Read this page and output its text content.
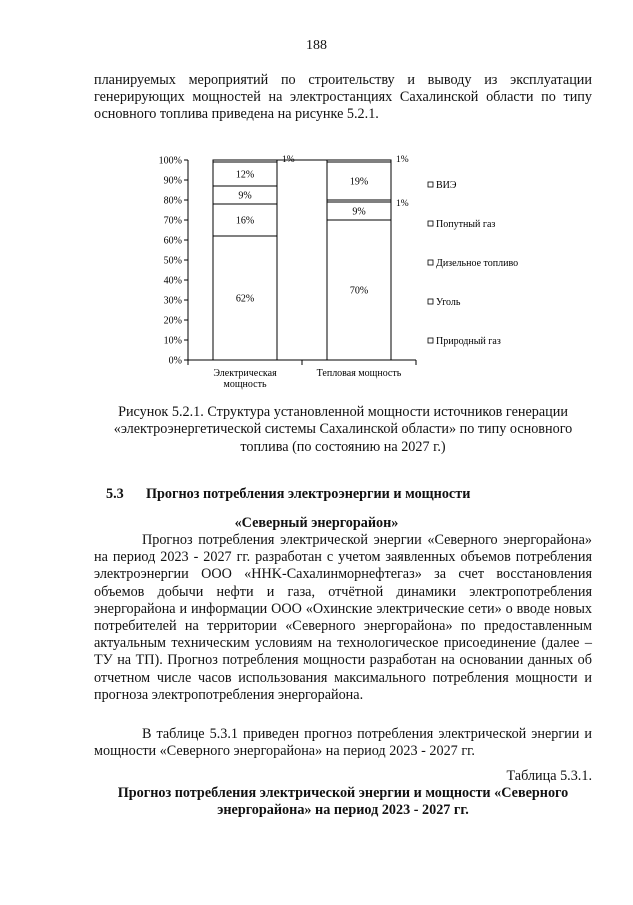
188

планируемых мероприятий по строительству и выводу из эксплуатации генерирующих мощностей на электростанциях Сахалинской области по типу основного топлива приведена на рисунке 5.2.1.

0%
10%
20%
30%
40%
50%
60%
70%
80%
90%
100%
62%
16%
9%
12%
1%
70%
9%
1%
19%
1%
Электрическая
мощность
Тепловая мощность
ВИЭ
Попутный газ
Дизельное топливо
Уголь
Природный газ

Рисунок 5.2.1. Структура установленной мощности источников генерации «электроэнергетической системы Сахалинской области» по типу основного топлива (по состоянию на 2027 г.)

5.3 Прогноз потребления электроэнергии и мощности

«Северный энергорайон»

Прогноз потребления электрической энергии «Северного энергорайона» на период 2023 - 2027 гг. разработан с учетом заявленных объемов потребления электроэнергии ООО «НHK-Сахалинморнефтегаз» за счет восстановления объемов добычи нефти и газа, отчётной динамики электропотребления энергорайона и информации ООО «Охинские электрические сети» о вводе новых потребителей на территории «Северного энергорайона» по предоставленным актуальным техническим условиям на технологическое присоединение (далее – ТУ на ТП). Прогноз потребления мощности разработан на основании данных об отчетном числе часов использования максимального потребления мощности и прогноза электропотребления энергорайона.

В таблице 5.3.1 приведен прогноз потребления электрической энергии и мощности «Северного энергорайона» на период 2023 - 2027 гг.

Таблица 5.3.1.

Прогноз потребления электрической энергии и мощности «Северного энергорайона» на период 2023 - 2027 гг.
